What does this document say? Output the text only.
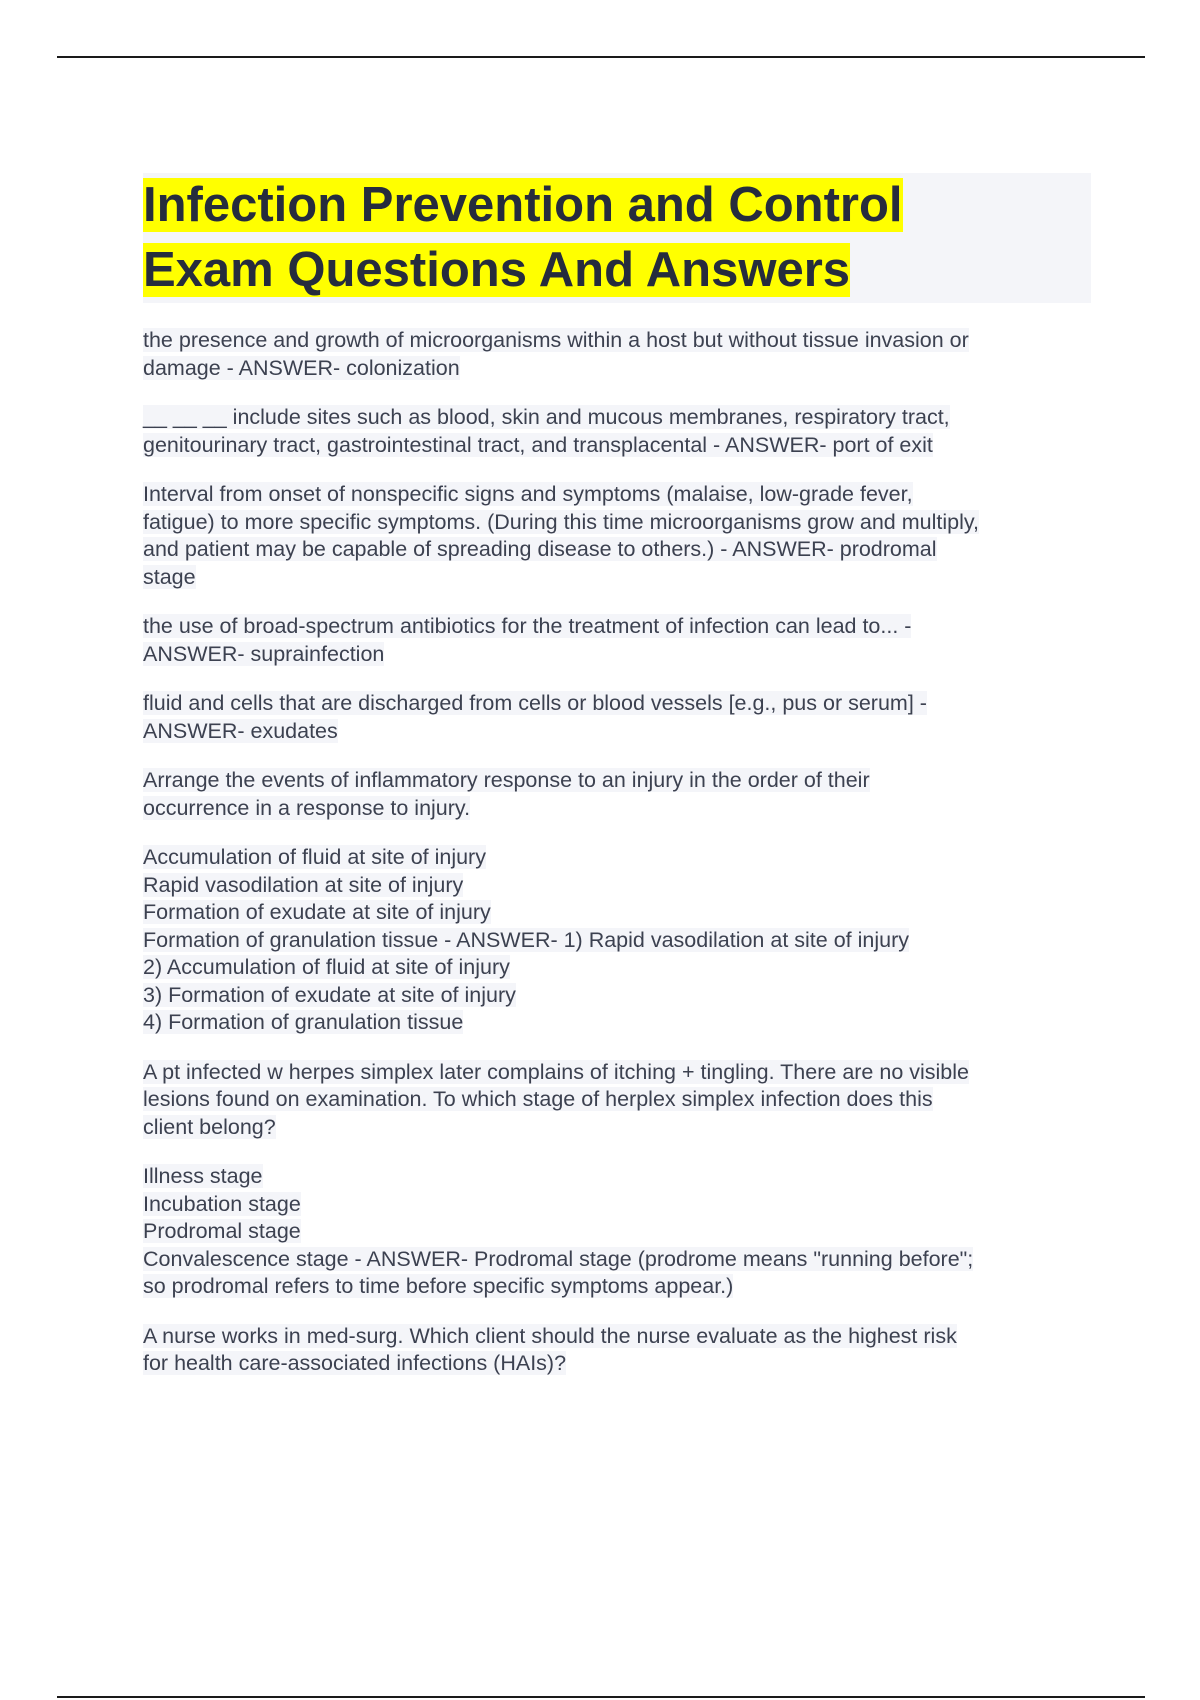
Infection Prevention and Control
Exam Questions And Answers
the presence and growth of microorganisms within a host but without tissue invasion or
damage - ANSWER- colonization
__ __ __ include sites such as blood, skin and mucous membranes, respiratory tract,
genitourinary tract, gastrointestinal tract, and transplacental - ANSWER- port of exit
Interval from onset of nonspecific signs and symptoms (malaise, low-grade fever,
fatigue) to more specific symptoms. (During this time microorganisms grow and multiply,
and patient may be capable of spreading disease to others.) - ANSWER- prodromal
stage
the use of broad-spectrum antibiotics for the treatment of infection can lead to... -
ANSWER- suprainfection
fluid and cells that are discharged from cells or blood vessels [e.g., pus or serum] -
ANSWER- exudates
Arrange the events of inflammatory response to an injury in the order of their
occurrence in a response to injury.
Accumulation of fluid at site of injury
Rapid vasodilation at site of injury
Formation of exudate at site of injury
Formation of granulation tissue - ANSWER- 1) Rapid vasodilation at site of injury
2) Accumulation of fluid at site of injury
3) Formation of exudate at site of injury
4) Formation of granulation tissue
A pt infected w herpes simplex later complains of itching + tingling. There are no visible
lesions found on examination. To which stage of herplex simplex infection does this
client belong?
Illness stage
Incubation stage
Prodromal stage
Convalescence stage - ANSWER- Prodromal stage (prodrome means "running before";
so prodromal refers to time before specific symptoms appear.)
A nurse works in med-surg. Which client should the nurse evaluate as the highest risk
for health care-associated infections (HAIs)?
